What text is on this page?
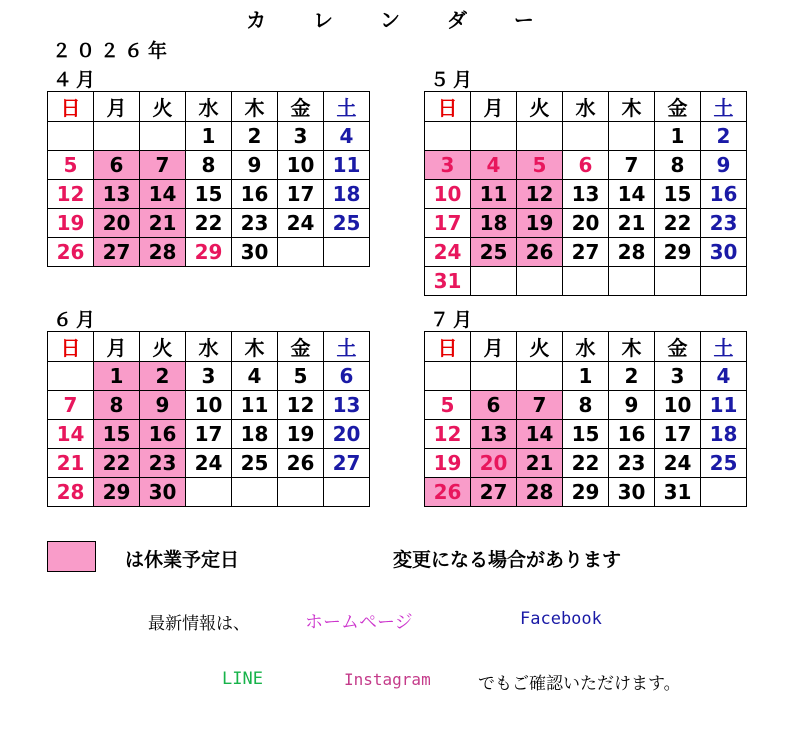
カ レ ン ダ ー
２０２６年
４月
日	月	火	水	木	金	土
			1	2	3	4
5	6	7	8	9	10	11
12	13	14	15	16	17	18
19	20	21	22	23	24	25
26	27	28	29	30		
５月
日	月	火	水	木	金	土
					1	2
3	4	5	6	7	8	9
10	11	12	13	14	15	16
17	18	19	20	21	22	23
24	25	26	27	28	29	30
31						
６月
日	月	火	水	木	金	土
	1	2	3	4	5	6
7	8	9	10	11	12	13
14	15	16	17	18	19	20
21	22	23	24	25	26	27
28	29	30				
７月
日	月	火	水	木	金	土
			1	2	3	4
5	6	7	8	9	10	11
12	13	14	15	16	17	18
19	20	21	22	23	24	25
26	27	28	29	30	31	
は休業予定日	変更になる場合があります
最新情報は、	ホームページ	Facebook
LINE	Instagram	でもご確認いただけます。
